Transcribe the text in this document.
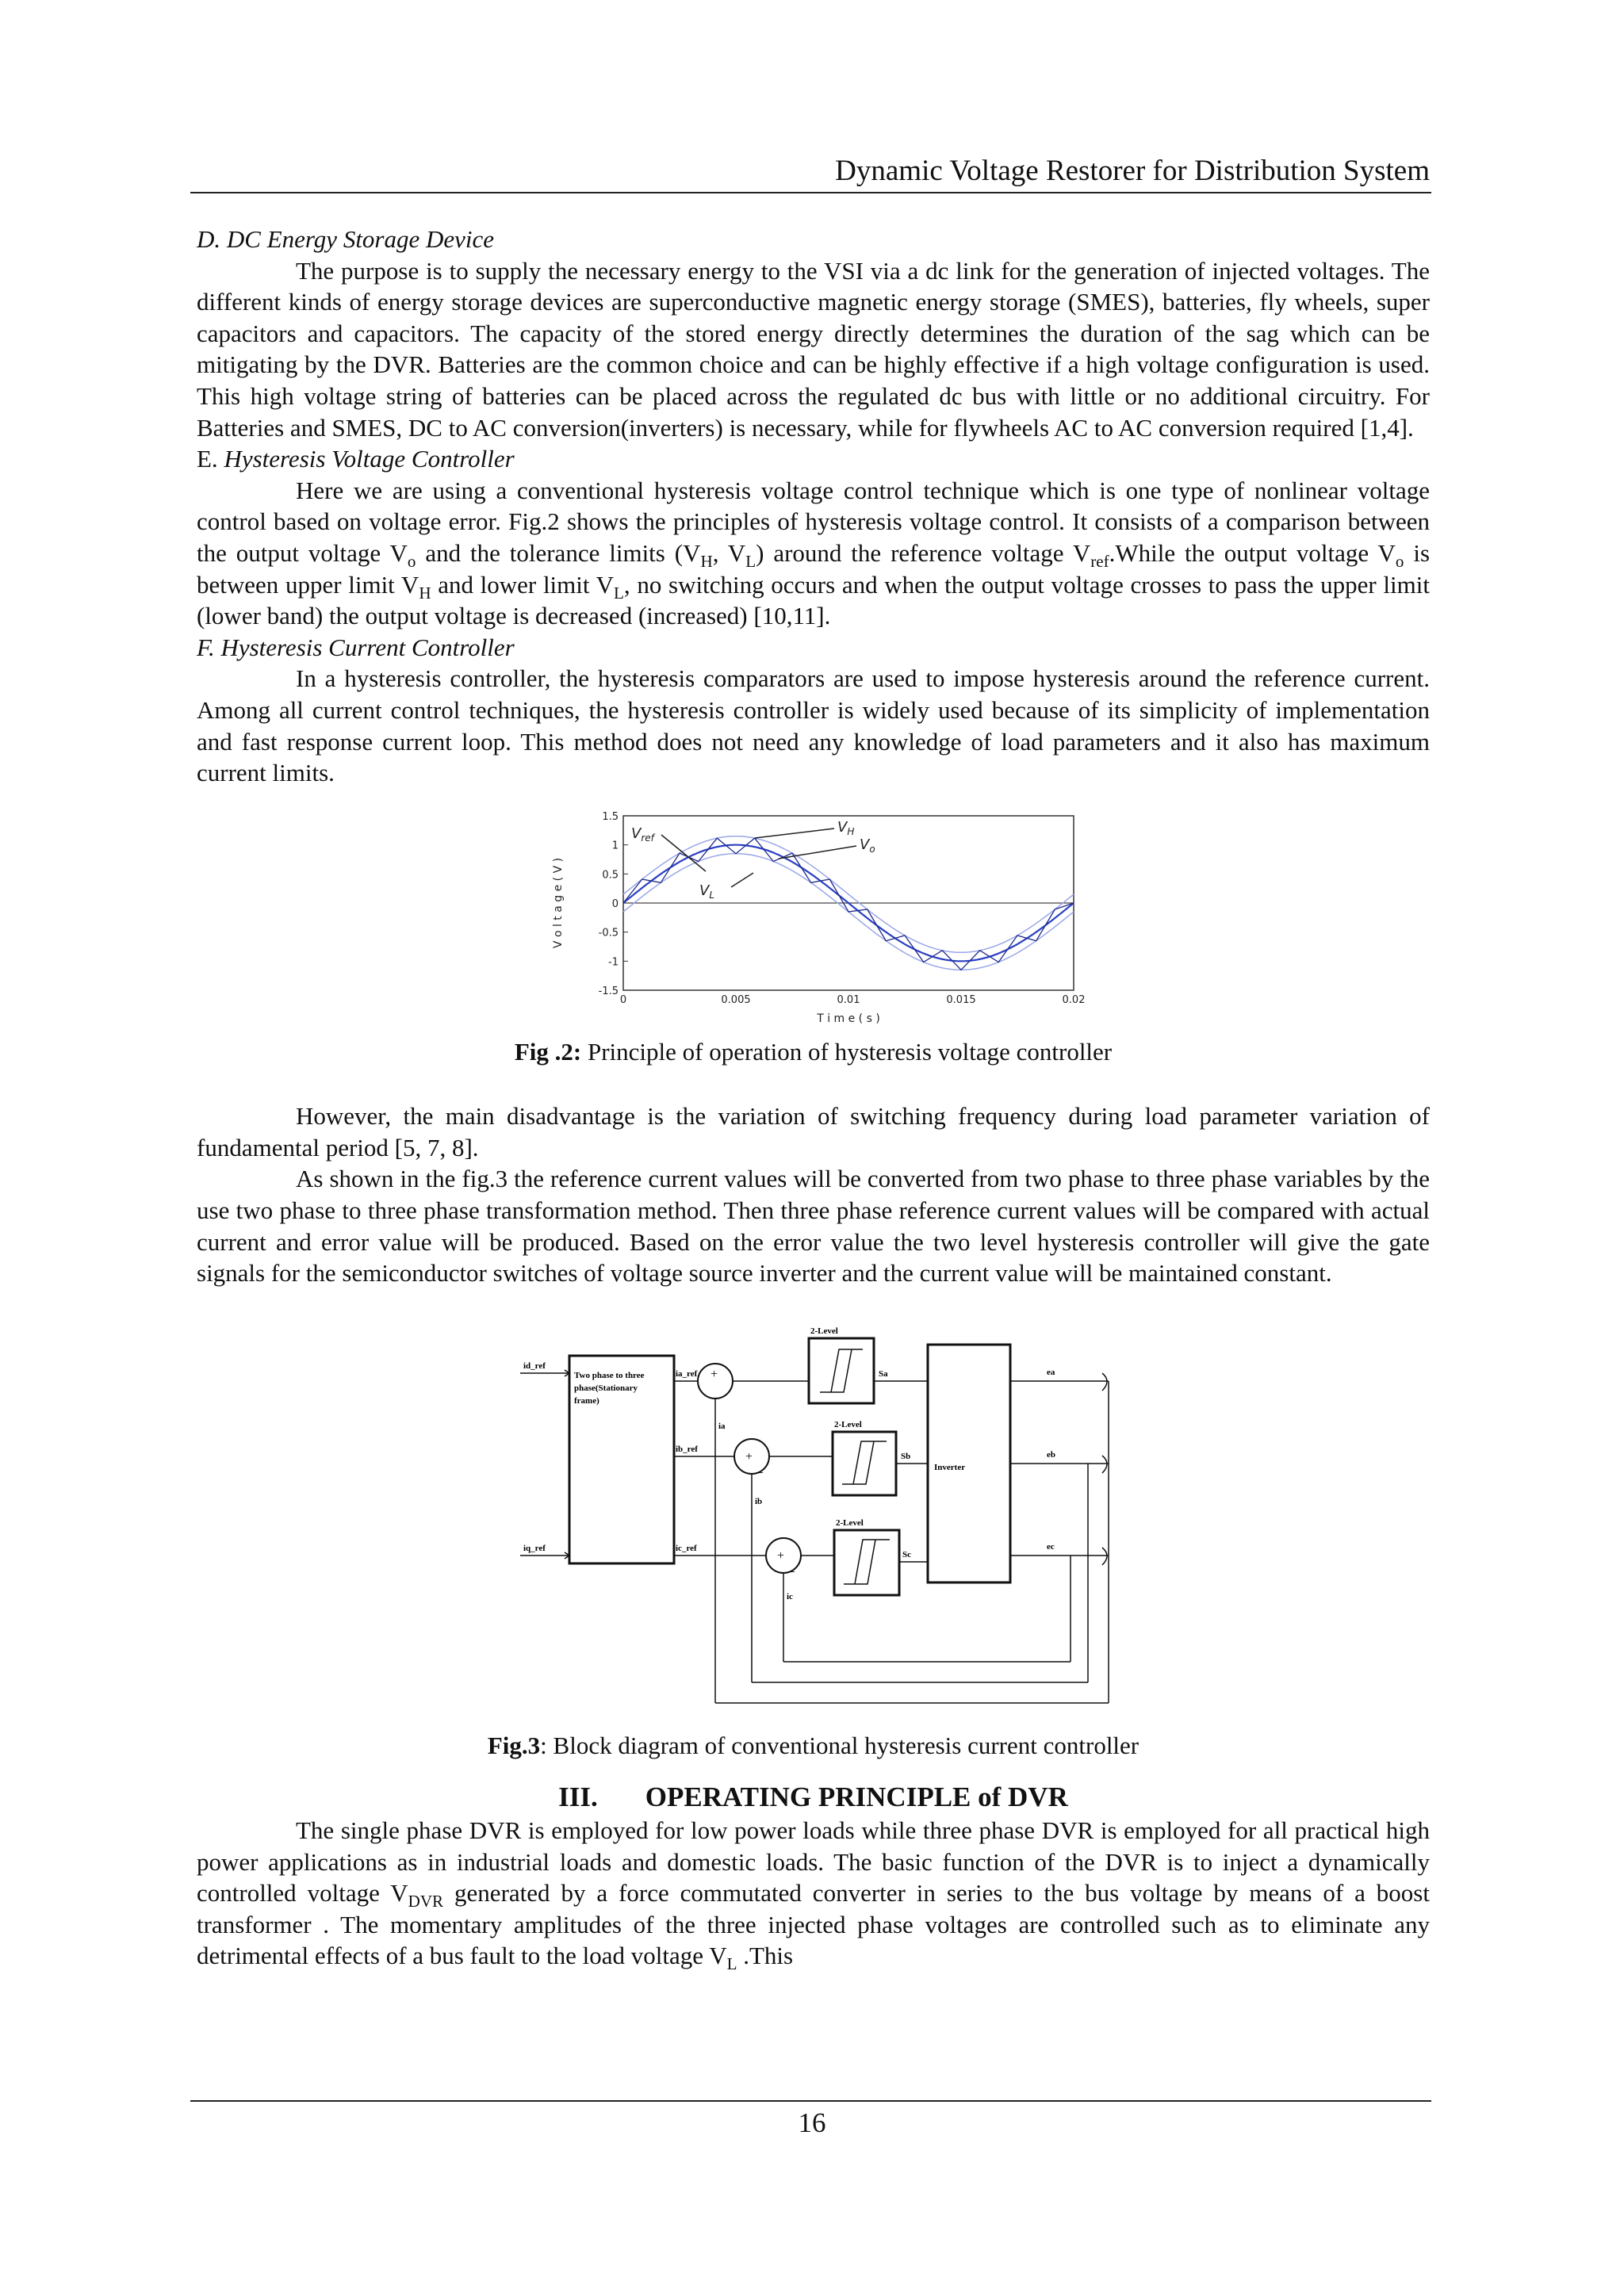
Dynamic Voltage Restorer for Distribution System

D. DC Energy Storage Device

The purpose is to supply the necessary energy to the VSI via a dc link for the generation of injected voltages. The different kinds of energy storage devices are superconductive magnetic energy storage (SMES), batteries, fly wheels, super capacitors and capacitors. The capacity of the stored energy directly determines the duration of the sag which can be mitigating by the DVR. Batteries are the common choice and can be highly effective if a high voltage configuration is used. This high voltage string of batteries can be placed across the regulated dc bus with little or no additional circuitry. For Batteries and SMES, DC to AC conversion(inverters) is necessary, while for flywheels AC to AC conversion required [1,4].

E. Hysteresis Voltage Controller

Here we are using a conventional hysteresis voltage control technique which is one type of nonlinear voltage control based on voltage error. Fig.2 shows the principles of hysteresis voltage control. It consists of a comparison between the output voltage $V_o$ and the tolerance limits ($V_H$, $V_L$) around the reference voltage $V_{ref}.While$ the output voltage $V_o$ is between upper limit $V_H$ and lower limit $V_L$, no switching occurs and when the output voltage crosses to pass the upper limit (lower band) the output voltage is decreased (increased) [10,11].

F. Hysteresis Current Controller

In a hysteresis controller, the hysteresis comparators are used to impose hysteresis around the reference current. Among all current control techniques, the hysteresis controller is widely used because of its simplicity of implementation and fast response current loop. This method does not need any knowledge of load parameters and it also has maximum current limits.

1.5
1
0.5
0
-0.5
-1
-1.5
0	0.005	0.01	0.015	0.02
$V_{ref}$
$V_H$
$V_o$
$V_L$
V o l t a g e ( V )
T i m e ( s )

Fig .2: Principle of operation of hysteresis voltage controller

However, the main disadvantage is the variation of switching frequency during load parameter variation of fundamental period [5, 7, 8].

As shown in the fig.3 the reference current values will be converted from two phase to three phase variables by the use two phase to three phase transformation method. Then three phase reference current values will be compared with actual current and error value will be produced. Based on the error value the two level hysteresis controller will give the gate signals for the semiconductor switches of voltage source inverter and the current value will be maintained constant.

Two phase to three
phase(Stationary
frame)
id_ref
iq_ref
ia_ref +
_
ia
ib_ref
+
_
ib
ic_ref
+
_
ic
2-Level
2-Level
2-Level
Sa
Sb
Sc
Inverter
ea
eb
ec

Fig.3: Block diagram of conventional hysteresis current controller

III. OPERATING PRINCIPLE of DVR

The single phase DVR is employed for low power loads while three phase DVR is employed for all practical high power applications as in industrial loads and domestic loads. The basic function of the DVR is to inject a dynamically controlled voltage $V_{DVR}$ generated by a force commutated converter in series to the bus voltage by means of a boost transformer . The momentary amplitudes of the three injected phase voltages are controlled such as to eliminate any detrimental effects of a bus fault to the load voltage $V_L$ .This

16
